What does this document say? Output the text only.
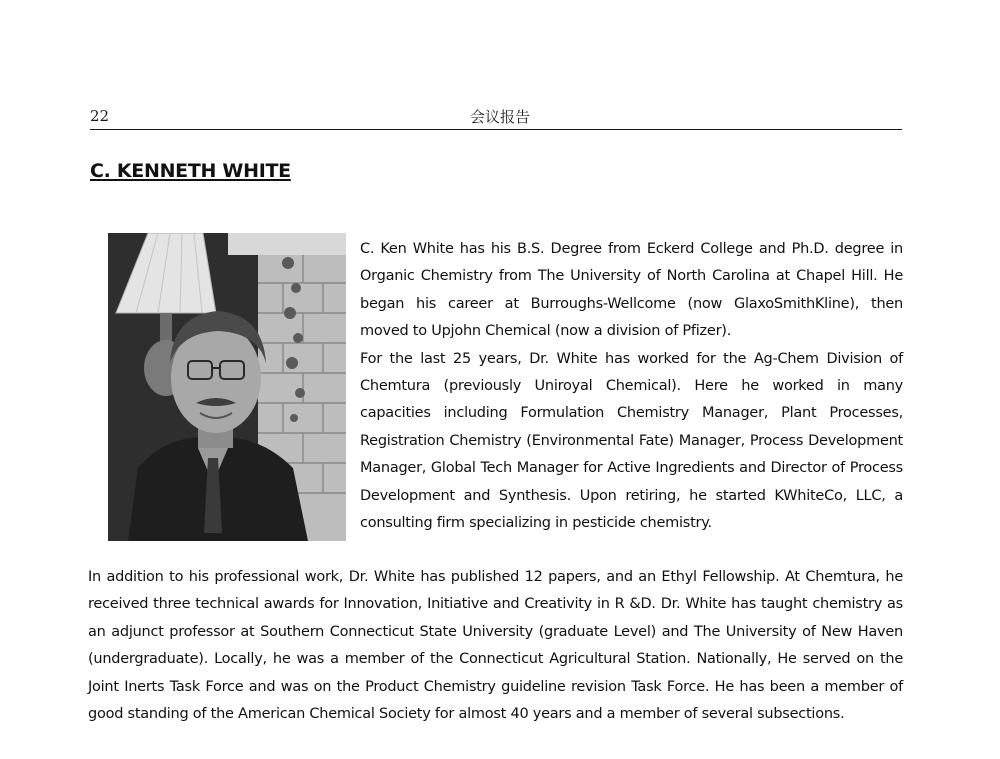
22	会议报告
C. KENNETH WHITE

C. Ken White has his B.S. Degree from Eckerd College and Ph.D. degree in Organic Chemistry from The University of North Carolina at Chapel Hill. He began his career at Burroughs-Wellcome (now GlaxoSmithKline), then moved to Upjohn Chemical (now a division of Pfizer).

For the last 25 years, Dr. White has worked for the Ag-Chem Division of Chemtura (previously Uniroyal Chemical). Here he worked in many capacities including Formulation Chemistry Manager, Plant Processes, Registration Chemistry (Environmental Fate) Manager, Process Development Manager, Global Tech Manager for Active Ingredients and Director of Process Development and Synthesis. Upon retiring, he started KWhiteCo, LLC, a consulting firm specializing in pesticide chemistry.

In addition to his professional work, Dr. White has published 12 papers, and an Ethyl Fellowship. At Chemtura, he received three technical awards for Innovation, Initiative and Creativity in R &D. Dr. White has taught chemistry as an adjunct professor at Southern Connecticut State University (graduate Level) and The University of New Haven (undergraduate). Locally, he was a member of the Connecticut Agricultural Station. Nationally, He served on the Joint Inerts Task Force and was on the Product Chemistry guideline revision Task Force. He has been a member of good standing of the American Chemical Society for almost 40 years and a member of several subsections.
